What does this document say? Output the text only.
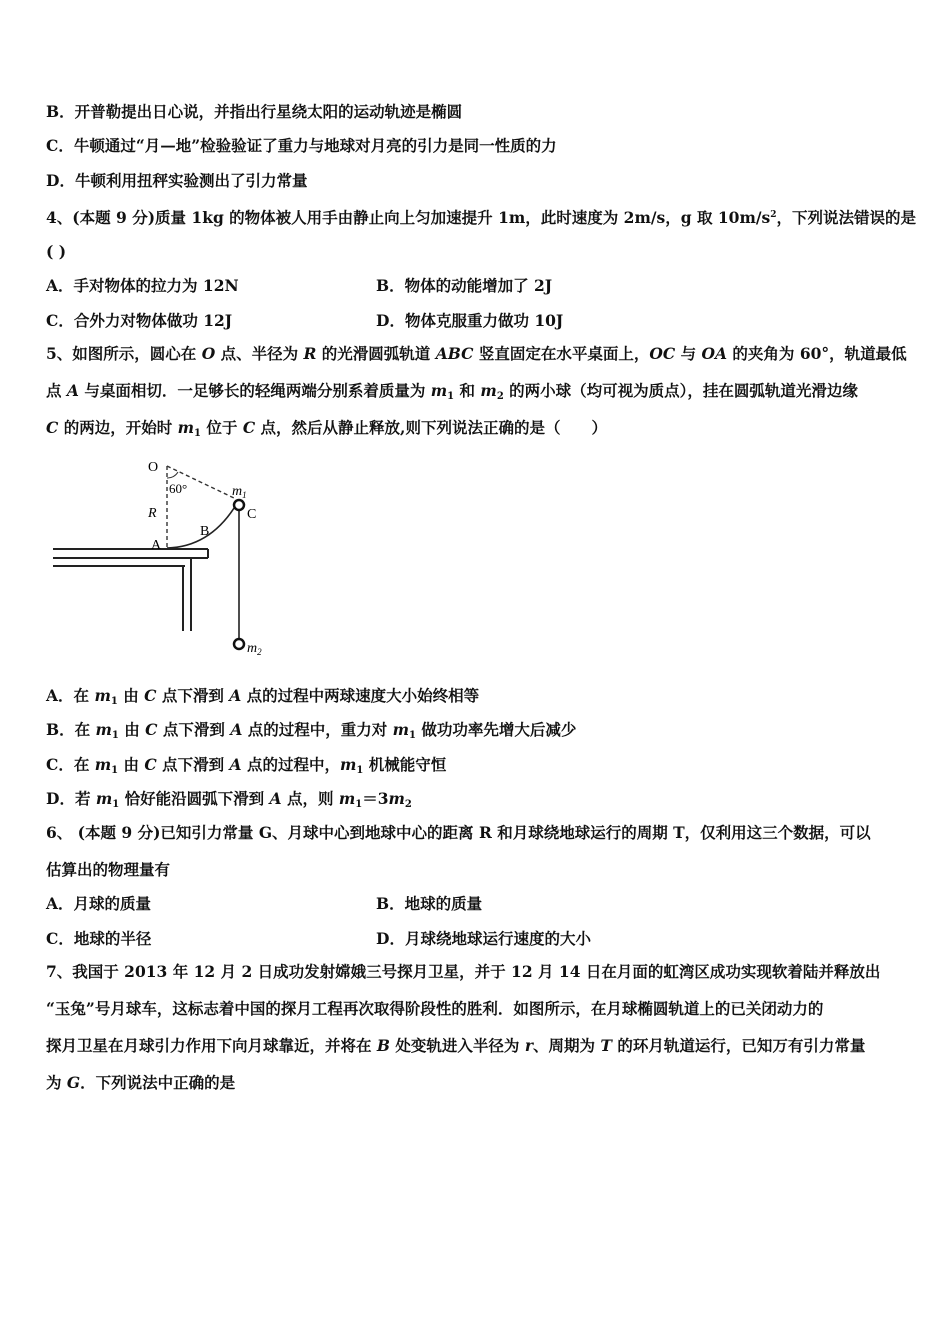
B．开普勒提出日心说，并指出行星绕太阳的运动轨迹是椭圆
C．牛顿通过“月—地”检验验证了重力与地球对月亮的引力是同一性质的力
D．牛顿利用扭秤实验测出了引力常量
4、(本题 9 分)质量 1kg 的物体被人用手由静止向上匀加速提升 1m，此时速度为 2m/s，g 取 $10m/s^2$，下列说法错误的是
( )
A．手对物体的拉力为 12N	B．物体的动能增加了 2J
C．合外力对物体做功 12J	D．物体克服重力做功 10J
5、如图所示，圆心在 O 点、半径为 R 的光滑圆弧轨道 ABC 竖直固定在水平桌面上，OC 与 OA 的夹角为 60°，轨道最低
点 A 与桌面相切．一足够长的轻绳两端分别系着质量为 $m_1$ 和 $m_2$ 的两小球（均可视为质点），挂在圆弧轨道光滑边缘
C 的两边，开始时 $m_1$ 位于 C 点，然后从静止释放,则下列说法正确的是（　　）
O
60°	$m_1$
C
R
B
A
$m_2$
A．在 $m_1$ 由 C 点下滑到 A 点的过程中两球速度大小始终相等
B．在 $m_1$ 由 C 点下滑到 A 点的过程中，重力对 $m_1$ 做功功率先增大后减少
C．在 $m_1$ 由 C 点下滑到 A 点的过程中，$m_1$ 机械能守恒
D．若 $m_1$ 恰好能沿圆弧下滑到 A 点，则 $m_1=3m_2$
6、 (本题 9 分)已知引力常量 G、月球中心到地球中心的距离 R 和月球绕地球运行的周期 T，仅利用这三个数据，可以
估算出的物理量有
A．月球的质量	B．地球的质量
C．地球的半径	D．月球绕地球运行速度的大小
7、我国于 2013 年 12 月 2 日成功发射嫦娥三号探月卫星，并于 12 月 14 日在月面的虹湾区成功实现软着陆并释放出
“玉兔”号月球车，这标志着中国的探月工程再次取得阶段性的胜利．如图所示，在月球椭圆轨道上的已关闭动力的
探月卫星在月球引力作用下向月球靠近，并将在 B 处变轨进入半径为 r、周期为 T 的环月轨道运行，已知万有引力常量
为 G．下列说法中正确的是
